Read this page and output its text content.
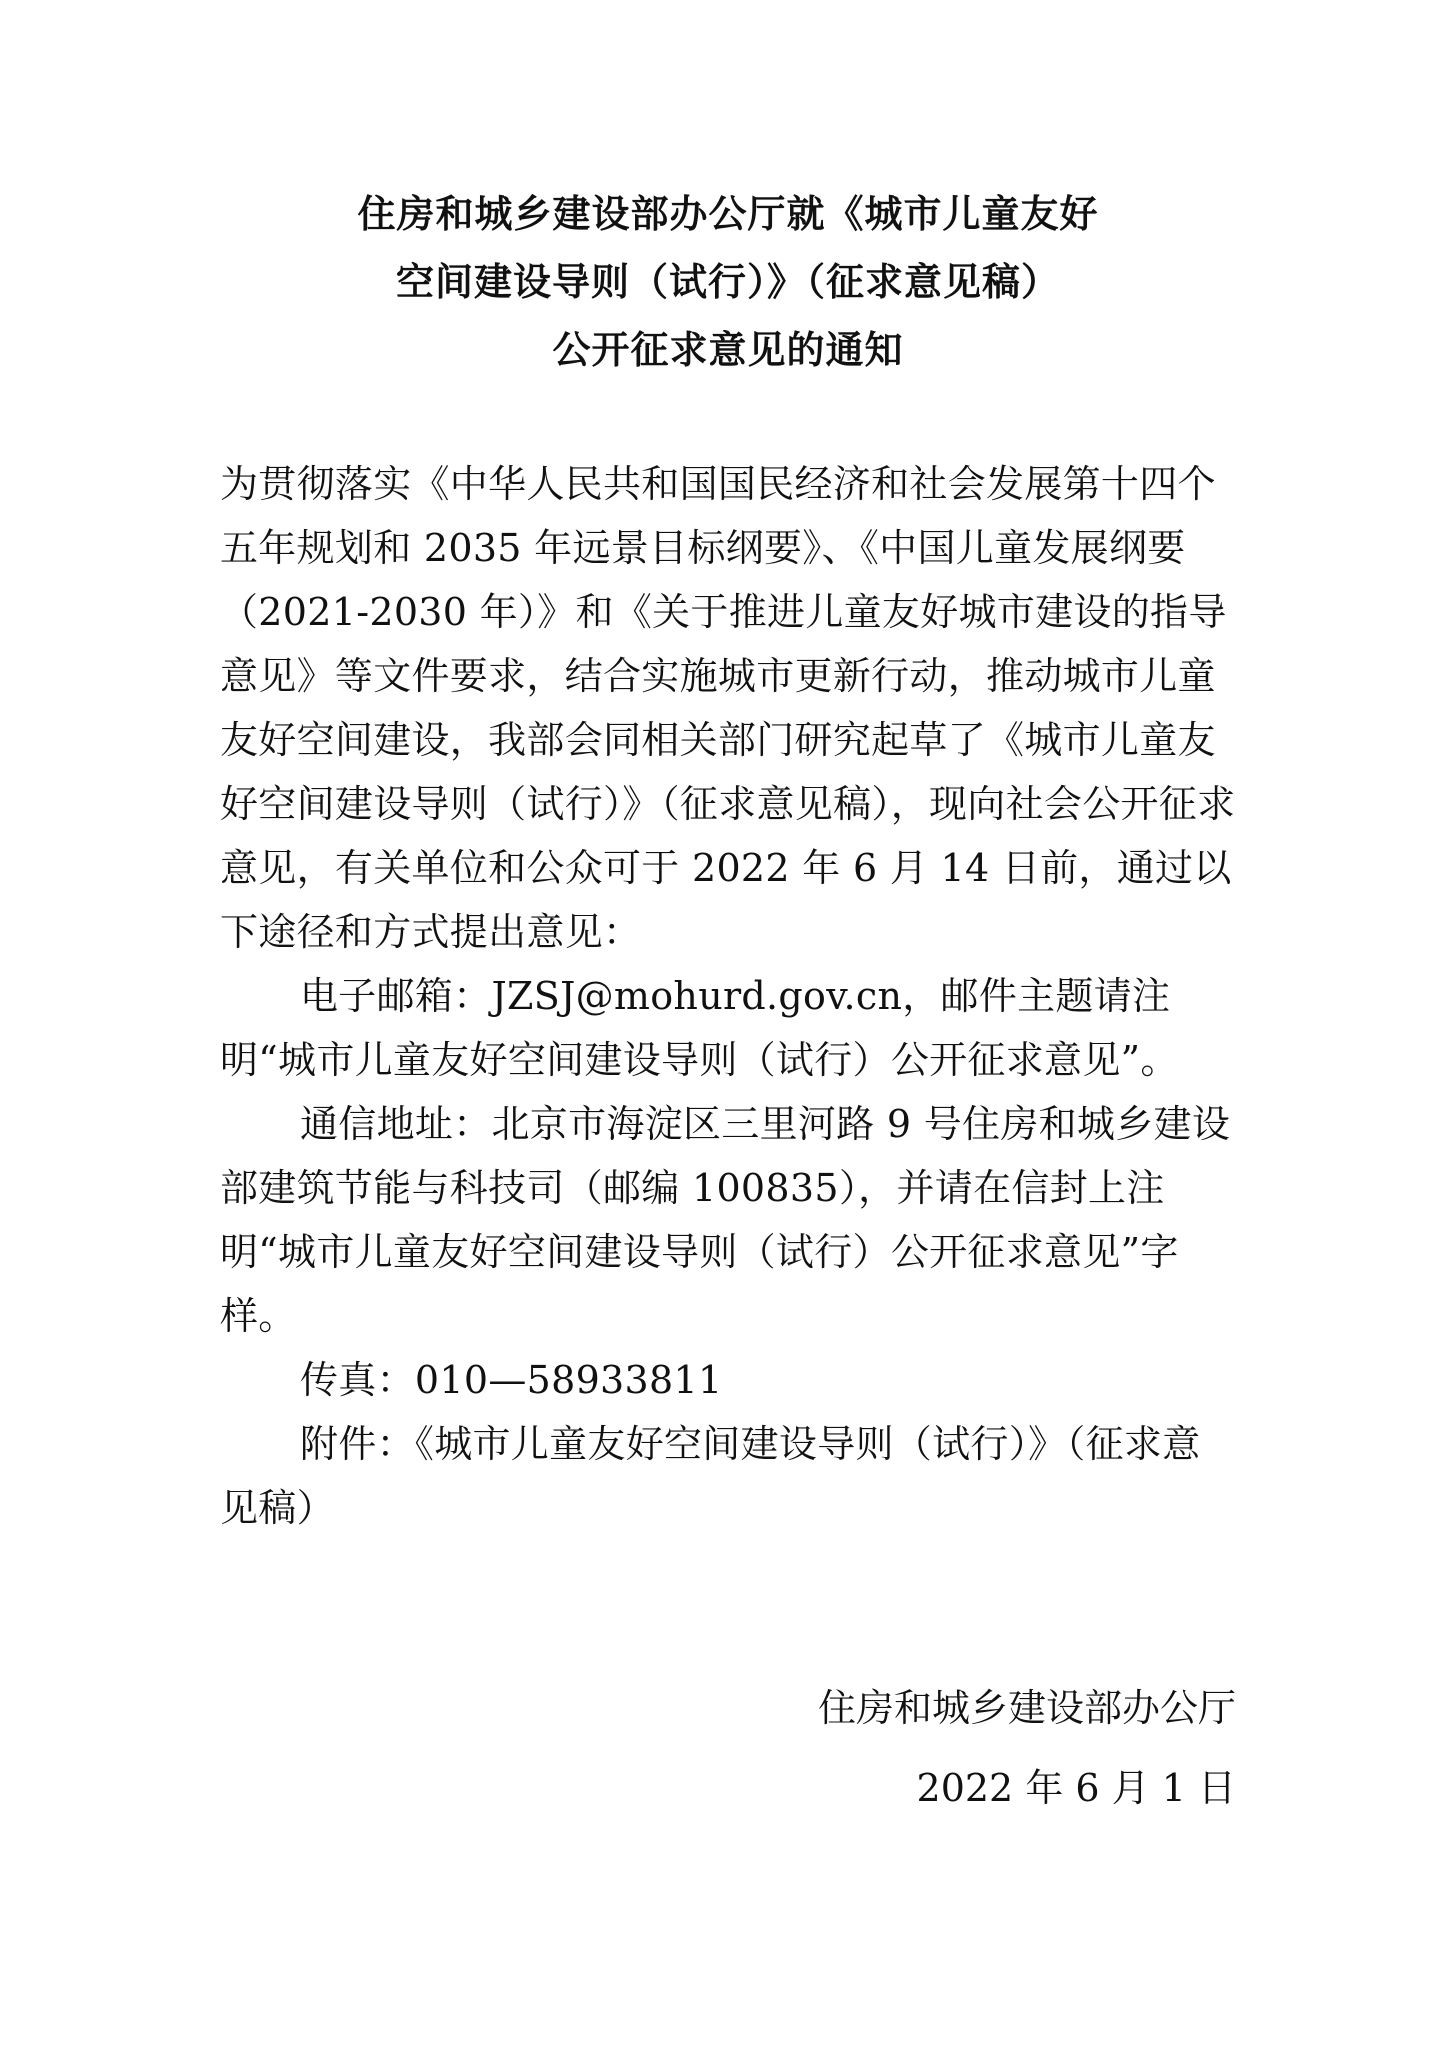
住房和城乡建设部办公厅就《城市儿童友好
空间建设导则（试行）》（征求意见稿）
公开征求意见的通知

为贯彻落实《中华人民共和国国民经济和社会发展第十四个五年规划和 2035 年远景目标纲要》、《中国儿童发展纲要（2021-2030 年）》和《关于推进儿童友好城市建设的指导意见》等文件要求，结合实施城市更新行动，推动城市儿童友好空间建设，我部会同相关部门研究起草了《城市儿童友好空间建设导则（试行）》（征求意见稿），现向社会公开征求意见，有关单位和公众可于 2022 年 6 月 14 日前，通过以下途径和方式提出意见：

电子邮箱：JZSJ@mohurd.gov.cn，邮件主题请注明“城市儿童友好空间建设导则（试行）公开征求意见”。

通信地址：北京市海淀区三里河路 9 号住房和城乡建设部建筑节能与科技司（邮编 100835），并请在信封上注明“城市儿童友好空间建设导则（试行）公开征求意见”字样。

传真：010—58933811

附件：《城市儿童友好空间建设导则（试行）》（征求意见稿）

住房和城乡建设部办公厅
2022 年 6 月 1 日
